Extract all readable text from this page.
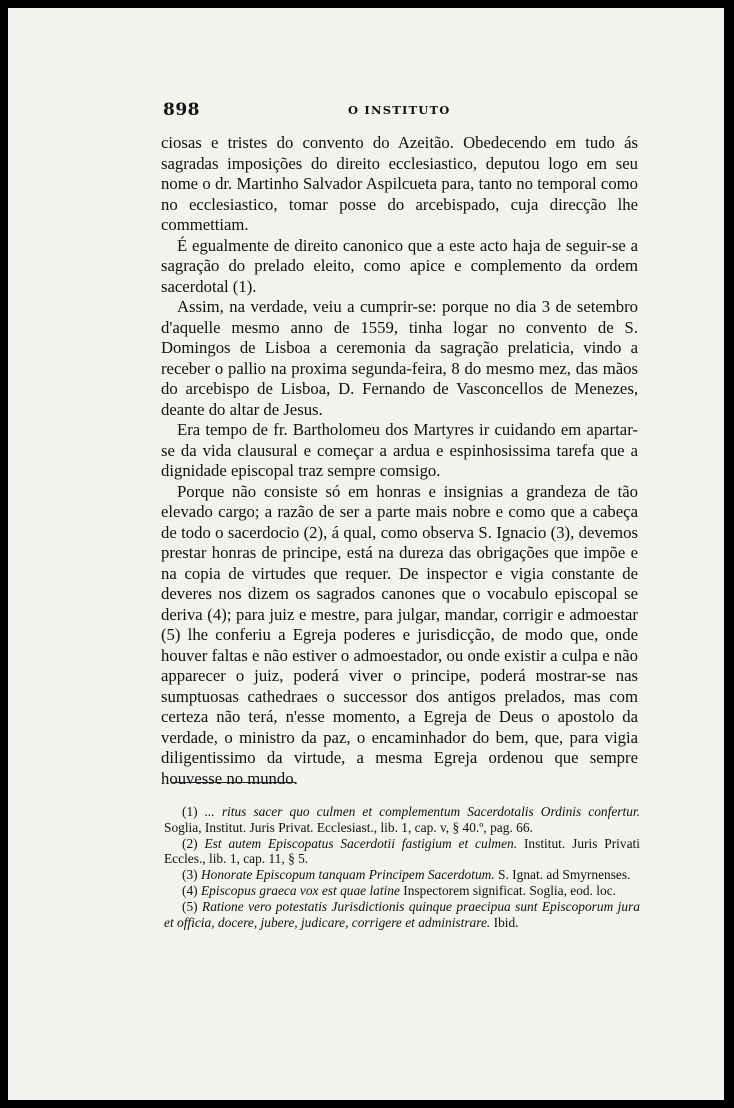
898	O INSTITUTO

ciosas e tristes do convento do Azeitão. Obedecendo em tudo ás sagradas imposições do direito ecclesiastico, deputou logo em seu nome o dr. Martinho Salvador Aspilcueta para, tanto no temporal como no ecclesiastico, tomar posse do arcebispado, cuja direcção lhe commettiam.

É egualmente de direito canonico que a este acto haja de seguir-se a sagração do prelado eleito, como apice e complemento da ordem sacerdotal (1).

Assim, na verdade, veiu a cumprir-se: porque no dia 3 de setembro d'aquelle mesmo anno de 1559, tinha logar no convento de S. Domingos de Lisboa a ceremonia da sagração prelaticia, vindo a receber o pallio na proxima segunda-feira, 8 do mesmo mez, das mãos do arcebispo de Lisboa, D. Fernando de Vasconcellos de Menezes, deante do altar de Jesus.

Era tempo de fr. Bartholomeu dos Martyres ir cuidando em apartar-se da vida clausural e começar a ardua e espinhosissima tarefa que a dignidade episcopal traz sempre comsigo.

Porque não consiste só em honras e insignias a grandeza de tão elevado cargo; a razão de ser a parte mais nobre e como que a cabeça de todo o sacerdocio (2), á qual, como observa S. Ignacio (3), devemos prestar honras de principe, está na dureza das obrigações que impõe e na copia de virtudes que requer. De inspector e vigia constante de deveres nos dizem os sagrados canones que o vocabulo episcopal se deriva (4); para juiz e mestre, para julgar, mandar, corrigir e admoestar (5) lhe conferiu a Egreja poderes e jurisdicção, de modo que, onde houver faltas e não estiver o admoestador, ou onde existir a culpa e não apparecer o juiz, poderá viver o principe, poderá mostrar-se nas sumptuosas cathedraes o successor dos antigos prelados, mas com certeza não terá, n'esse momento, a Egreja de Deus o apostolo da verdade, o ministro da paz, o encaminhador do bem, que, para vigia diligentissimo da virtude, a mesma Egreja ordenou que sempre houvesse no mundo.

(1) ... ritus sacer quo culmen et complementum Sacerdotalis Ordinis confertur. Soglia, Institut. Juris Privat. Ecclesiast., lib. 1, cap. v, § 40.º, pag. 66.

(2) Est autem Episcopatus Sacerdotii fastigium et culmen. Institut. Juris Privati Eccles., lib. 1, cap. 11, § 5.

(3) Honorate Episcopum tanquam Principem Sacerdotum. S. Ignat. ad Smyrnenses.

(4) Episcopus graeca vox est quae latine Inspectorem significat. Soglia, eod. loc.

(5) Ratione vero potestatis Jurisdictionis quinque praecipua sunt Episcoporum jura et officia, docere, jubere, judicare, corrigere et administrare. Ibid.
